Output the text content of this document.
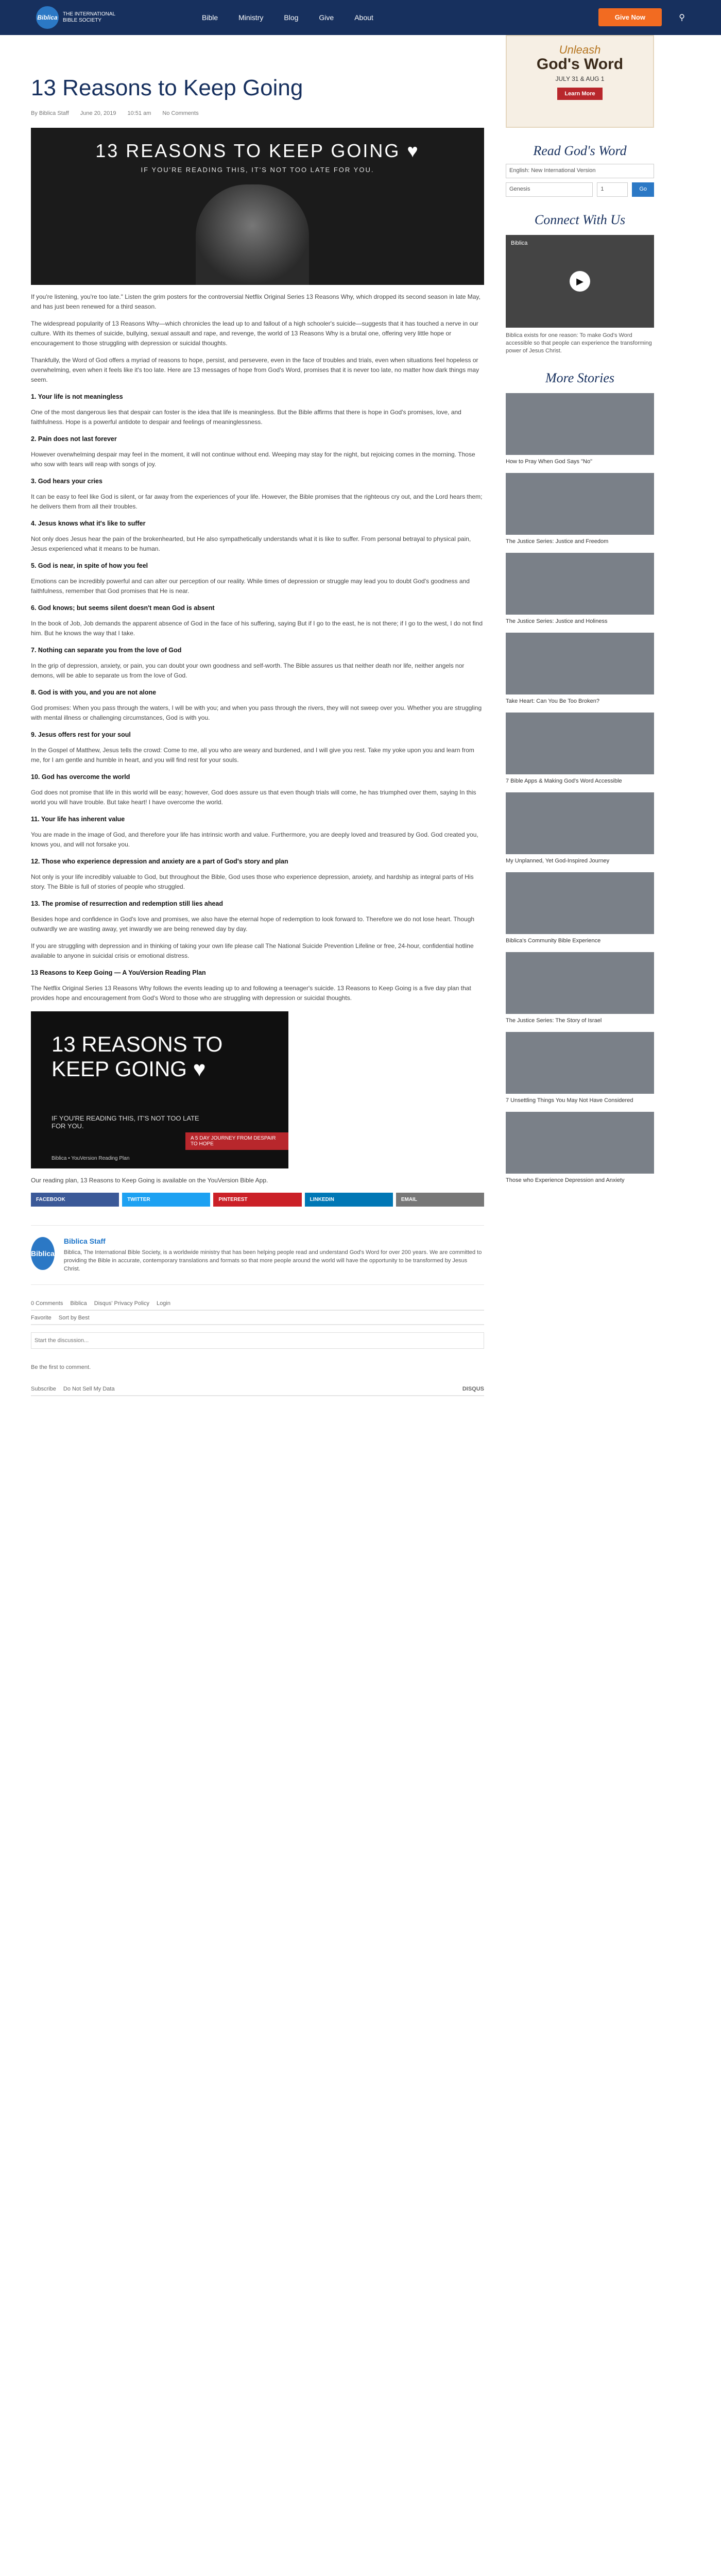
Biblica THE INTERNATIONAL BIBLE SOCIETY	Bible	Ministry	Blog	Give	About	Give Now	⚲
13 Reasons to Keep Going
By Biblica Staff June 20, 2019 10:51 am No Comments
13 REASONS TO KEEP GOING ♥
IF YOU'RE READING THIS, IT'S NOT TOO LATE FOR YOU.

If you're listening, you're too late." Listen the grim posters for the controversial Netflix Original Series 13 Reasons Why, which dropped its second season in late May, and has just been renewed for a third season.

The widespread popularity of 13 Reasons Why—which chronicles the lead up to and fallout of a high schooler's suicide—suggests that it has touched a nerve in our culture. With its themes of suicide, bullying, sexual assault and rape, and revenge, the world of 13 Reasons Why is a brutal one, offering very little hope or encouragement to those struggling with depression or suicidal thoughts.

Thankfully, the Word of God offers a myriad of reasons to hope, persist, and persevere, even in the face of troubles and trials, even when situations feel hopeless or overwhelming, even when it feels like it's too late. Here are 13 messages of hope from God's Word, promises that it is never too late, no matter how dark things may seem.

1. Your life is not meaningless

One of the most dangerous lies that despair can foster is the idea that life is meaningless. But the Bible affirms that there is hope in God's promises, love, and faithfulness. Hope is a powerful antidote to despair and feelings of meaninglessness.

2. Pain does not last forever

However overwhelming despair may feel in the moment, it will not continue without end. Weeping may stay for the night, but rejoicing comes in the morning. Those who sow with tears will reap with songs of joy.

3. God hears your cries

It can be easy to feel like God is silent, or far away from the experiences of your life. However, the Bible promises that the righteous cry out, and the Lord hears them; he delivers them from all their troubles.

4. Jesus knows what it's like to suffer

Not only does Jesus hear the pain of the brokenhearted, but He also sympathetically understands what it is like to suffer. From personal betrayal to physical pain, Jesus experienced what it means to be human.

5. God is near, in spite of how you feel

Emotions can be incredibly powerful and can alter our perception of our reality. While times of depression or struggle may lead you to doubt God's goodness and faithfulness, remember that God promises that He is near.

6. God knows; but seems silent doesn't mean God is absent

In the book of Job, Job demands the apparent absence of God in the face of his suffering, saying But if I go to the east, he is not there; if I go to the west, I do not find him. But he knows the way that I take.

7. Nothing can separate you from the love of God

In the grip of depression, anxiety, or pain, you can doubt your own goodness and self-worth. The Bible assures us that neither death nor life, neither angels nor demons, will be able to separate us from the love of God.

8. God is with you, and you are not alone

God promises: When you pass through the waters, I will be with you; and when you pass through the rivers, they will not sweep over you. Whether you are struggling with mental illness or challenging circumstances, God is with you.

9. Jesus offers rest for your soul

In the Gospel of Matthew, Jesus tells the crowd: Come to me, all you who are weary and burdened, and I will give you rest. Take my yoke upon you and learn from me, for I am gentle and humble in heart, and you will find rest for your souls.

10. God has overcome the world

God does not promise that life in this world will be easy; however, God does assure us that even though trials will come, he has triumphed over them, saying In this world you will have trouble. But take heart! I have overcome the world.

11. Your life has inherent value

You are made in the image of God, and therefore your life has intrinsic worth and value. Furthermore, you are deeply loved and treasured by God. God created you, knows you, and will not forsake you.

12. Those who experience depression and anxiety are a part of God's story and plan

Not only is your life incredibly valuable to God, but throughout the Bible, God uses those who experience depression, anxiety, and hardship as integral parts of His story. The Bible is full of stories of people who struggled.

13. The promise of resurrection and redemption still lies ahead

Besides hope and confidence in God's love and promises, we also have the eternal hope of redemption to look forward to. Therefore we do not lose heart. Though outwardly we are wasting away, yet inwardly we are being renewed day by day.

If you are struggling with depression and in thinking of taking your own life please call The National Suicide Prevention Lifeline or free, 24-hour, confidential hotline available to anyone in suicidal crisis or emotional distress.

13 Reasons to Keep Going — A YouVersion Reading Plan

The Netflix Original Series 13 Reasons Why follows the events leading up to and following a teenager's suicide. 13 Reasons to Keep Going is a five day plan that provides hope and encouragement from God's Word to those who are struggling with depression or suicidal thoughts.

13 REASONS TO KEEP GOING ♥
IF YOU'RE READING THIS, IT'S NOT TOO LATE FOR YOU.
A 5 DAY JOURNEY FROM DESPAIR TO HOPE
Biblica • YouVersion Reading Plan

Our reading plan, 13 Reasons to Keep Going is available on the YouVersion Bible App.

FACEBOOK	TWITTER	PINTEREST	LINKEDIN	EMAIL
Biblica
Biblica Staff
Biblica, The International Bible Society, is a worldwide ministry that has been helping people read and understand God's Word for over 200 years. We are committed to providing the Bible in accurate, contemporary translations and formats so that more people around the world will have the opportunity to be transformed by Jesus Christ.
0 Comments Biblica Disqus' Privacy Policy Login
Favorite Sort by Best
Start the discussion...
Be the first to comment.
Subscribe Do Not Sell My Data	DISQUS
Unleash
God's Word
JULY 31 & AUG 1
Learn More
Read God's Word
English: New International Version
Genesis	1	Go
Connect With Us
Biblica
▶
Biblica exists for one reason: To make God's Word accessible so that people can experience the transforming power of Jesus Christ.
More Stories
How to Pray When God Says "No"
The Justice Series: Justice and Freedom
The Justice Series: Justice and Holiness
Take Heart: Can You Be Too Broken?
7 Bible Apps & Making God's Word Accessible
My Unplanned, Yet God-Inspired Journey
Biblica's Community Bible Experience
The Justice Series: The Story of Israel
7 Unsettling Things You May Not Have Considered
Those who Experience Depression and Anxiety
